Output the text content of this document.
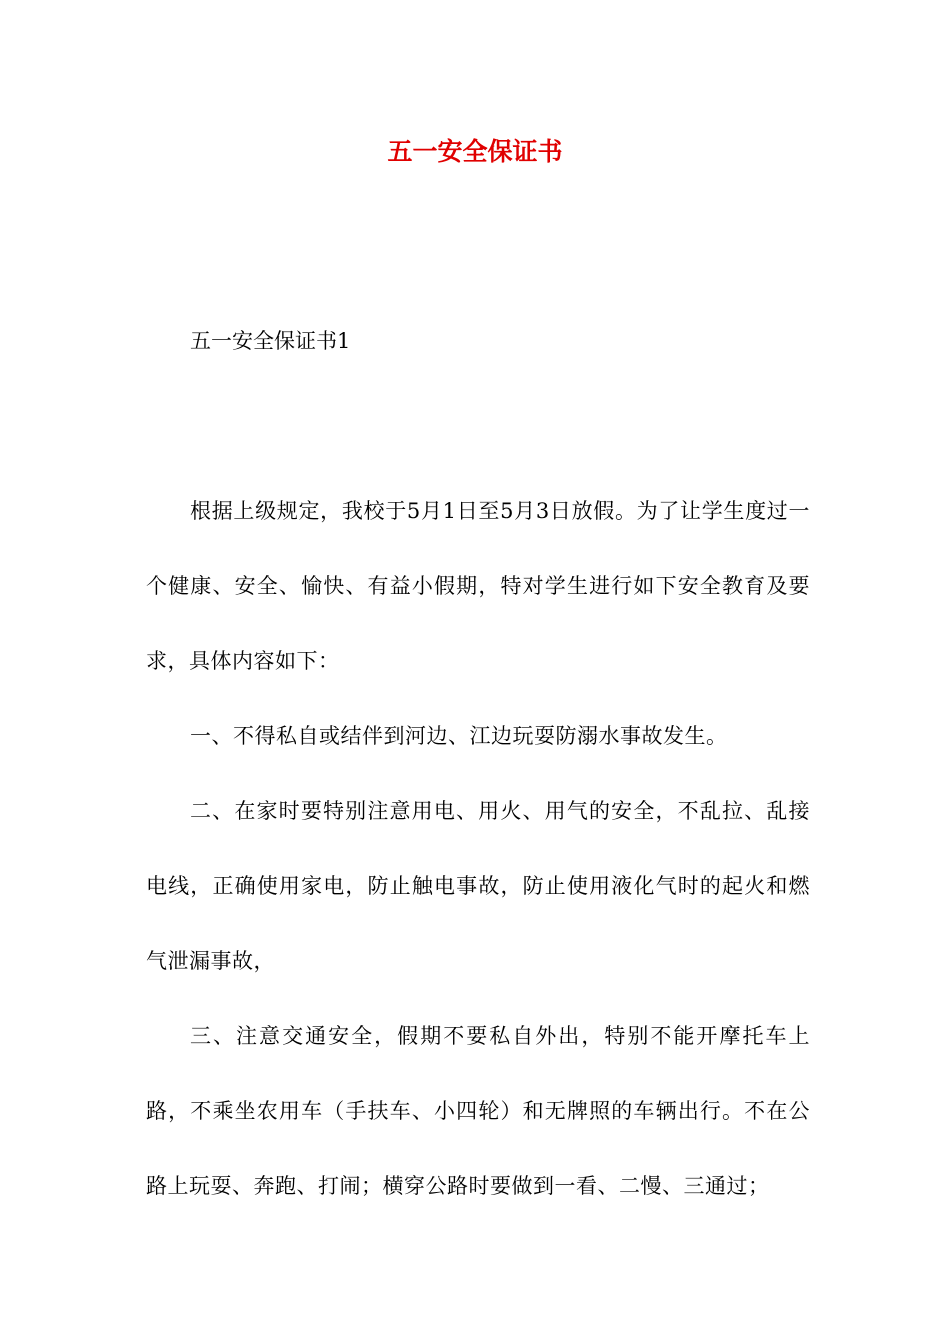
五一安全保证书
五一安全保证书1

根据上级规定，我校于5月1日至5月3日放假。为了让学生度过一个健康、安全、愉快、有益小假期，特对学生进行如下安全教育及要求，具体内容如下：

一、不得私自或结伴到河边、江边玩耍防溺水事故发生。

二、在家时要特别注意用电、用火、用气的安全，不乱拉、乱接电线，正确使用家电，防止触电事故，防止使用液化气时的起火和燃气泄漏事故，

三、注意交通安全，假期不要私自外出，特别不能开摩托车上路，不乘坐农用车（手扶车、小四轮）和无牌照的车辆出行。不在公路上玩耍、奔跑、打闹；横穿公路时要做到一看、二慢、三通过；
